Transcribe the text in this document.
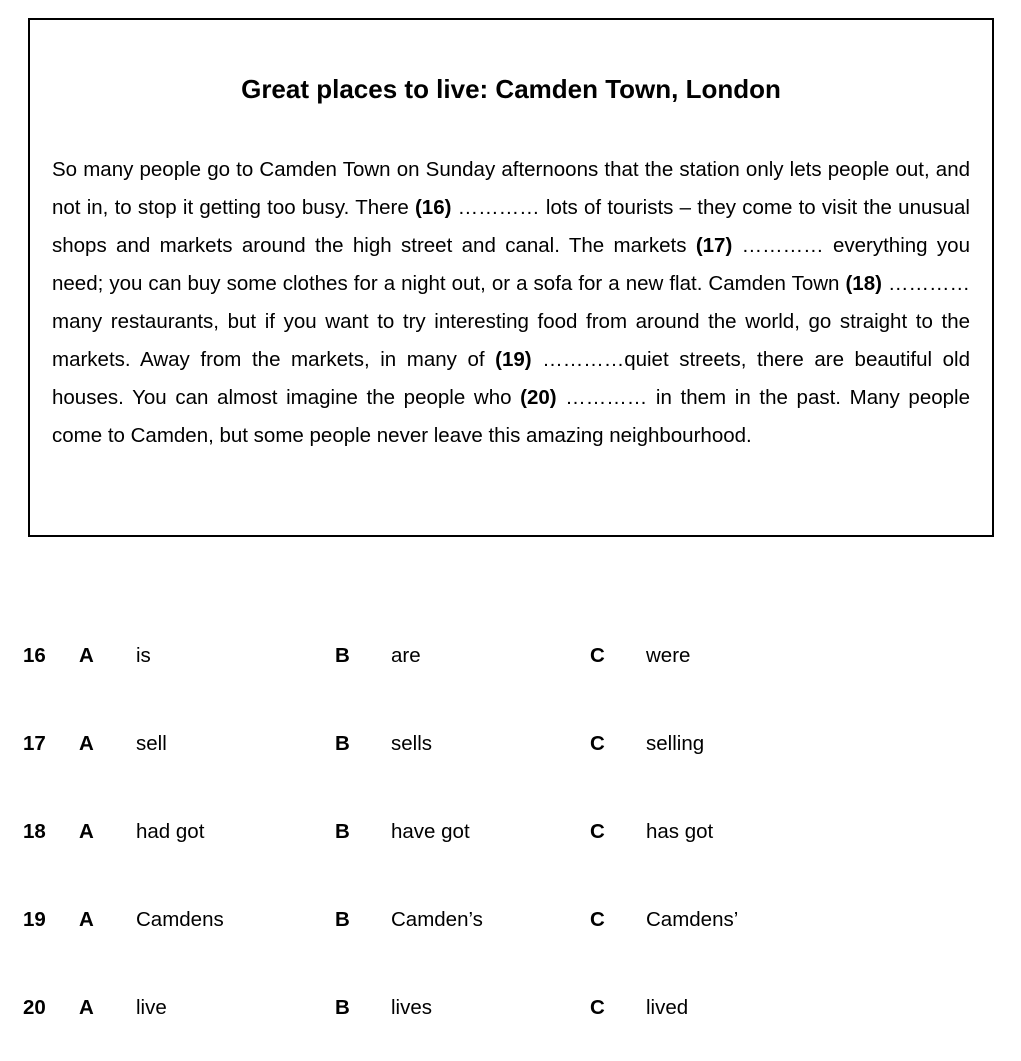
Great places to live: Camden Town, London

So many people go to Camden Town on Sunday afternoons that the station only lets people out, and not in, to stop it getting too busy. There (16) ………… lots of tourists – they come to visit the unusual shops and markets around the high street and canal. The markets (17) ………… everything you need; you can buy some clothes for a night out, or a sofa for a new flat. Camden Town (18) ………… many restaurants, but if you want to try interesting food from around the world, go straight to the markets. Away from the markets, in many of (19) …………quiet streets, there are beautiful old houses. You can almost imagine the people who (20) ………… in them in the past. Many people come to Camden, but some people never leave this amazing neighbourhood.

16 A is	B are	C were
17 A sell	B sells	C selling
18 A had got	B have got	C has got
19 A Camdens	B Camden’s	C Camdens’
20 A live	B lives	C lived
